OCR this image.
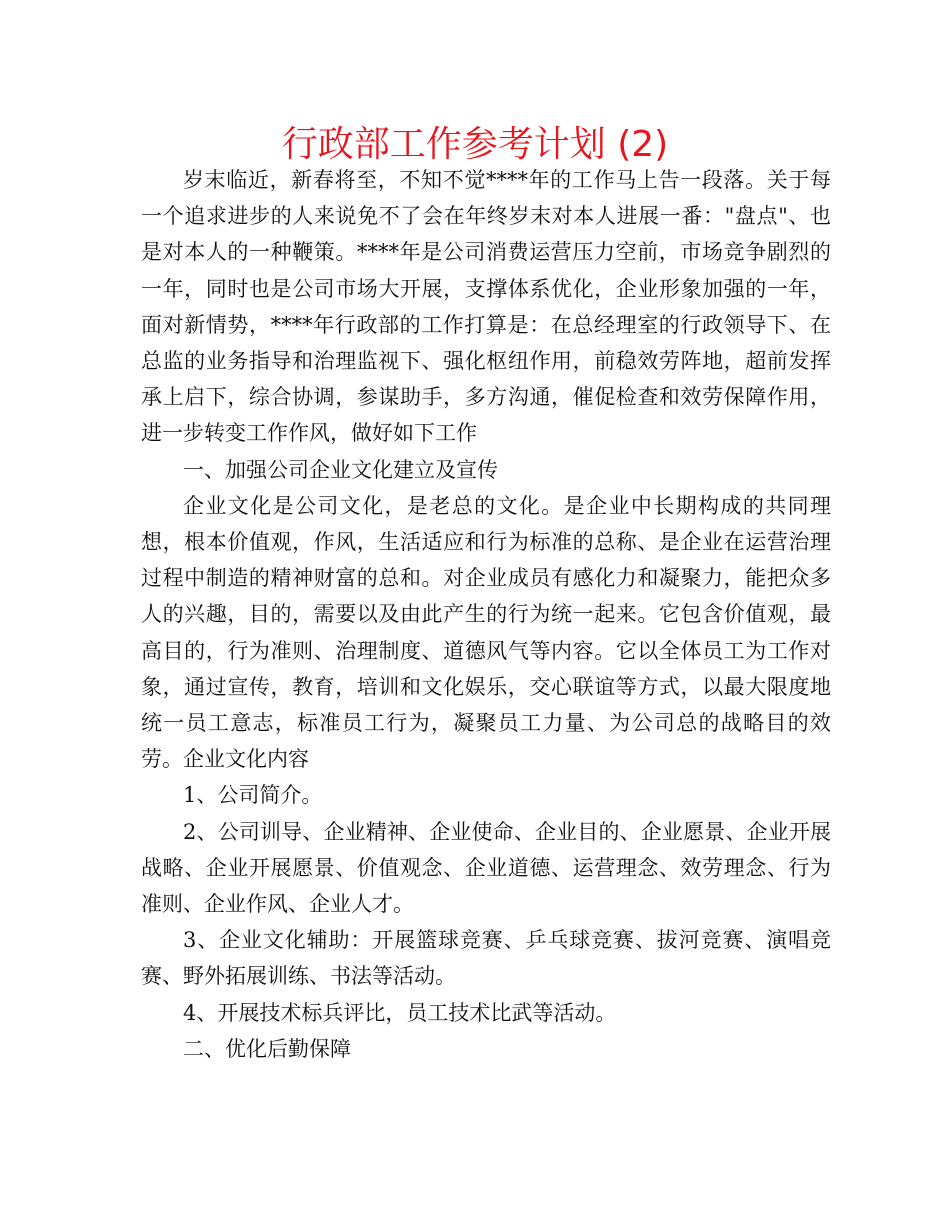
行政部工作参考计划 (2)

岁末临近，新春将至，不知不觉****年的工作马上告一段落。关于每一个追求进步的人来说免不了会在年终岁末对本人进展一番："盘点"、也是对本人的一种鞭策。****年是公司消费运营压力空前，市场竞争剧烈的一年，同时也是公司市场大开展，支撑体系优化，企业形象加强的一年，面对新情势，****年行政部的工作打算是：在总经理室的行政领导下、在总监的业务指导和治理监视下、强化枢纽作用，前稳效劳阵地，超前发挥承上启下，综合协调，参谋助手，多方沟通，催促检查和效劳保障作用，进一步转变工作作风，做好如下工作

一、加强公司企业文化建立及宣传

企业文化是公司文化，是老总的文化。是企业中长期构成的共同理想，根本价值观，作风，生活适应和行为标准的总称、是企业在运营治理过程中制造的精神财富的总和。对企业成员有感化力和凝聚力，能把众多人的兴趣，目的，需要以及由此产生的行为统一起来。它包含价值观，最高目的，行为准则、治理制度、道德风气等内容。它以全体员工为工作对象，通过宣传，教育，培训和文化娱乐，交心联谊等方式，以最大限度地统一员工意志，标准员工行为，凝聚员工力量、为公司总的战略目的效劳。企业文化内容

1、公司简介。

2、公司训导、企业精神、企业使命、企业目的、企业愿景、企业开展战略、企业开展愿景、价值观念、企业道德、运营理念、效劳理念、行为准则、企业作风、企业人才。

3、企业文化辅助：开展篮球竞赛、乒乓球竞赛、拔河竞赛、演唱竞赛、野外拓展训练、书法等活动。

4、开展技术标兵评比，员工技术比武等活动。

二、优化后勤保障
